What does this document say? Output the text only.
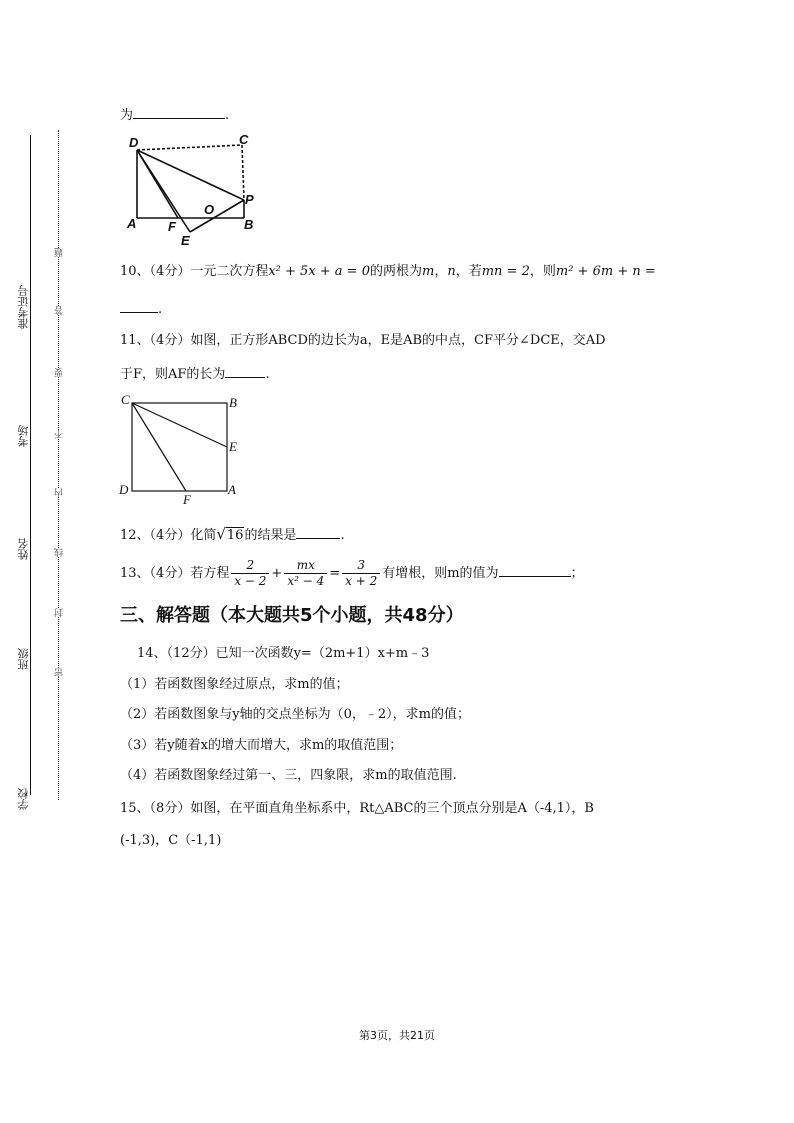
准考证号
考场
姓名
班级
学校
题
答
要
不
内
线
封
密
为	.
D	C
P
A F
O
B
E
10、（4分）一元二次方程x² + 5x + a = 0的两根为m，n，若mn = 2，则m² + 6m + n =
.
11、（4分）如图，正方形ABCD的边长为a，E是AB的中点，CF平分∠DCE，交AD
于F，则AF的长为	.
C	B
E
D
F
A
12、（4分）化简√16的结果是	.
13、（4分）若方程 $\frac{2}{x - 2} + \frac{mx}{\text{x² − 4}} = \frac{3}{x + 2}$ 有增根，则m的值为	；
三、解答题（本大题共5个小题，共48分）
14、（12分）已知一次函数y=（2m+1）x+m﹣3
（1）若函数图象经过原点，求m的值；
（2）若函数图象与y轴的交点坐标为（0，﹣2），求m的值；
（3）若y随着x的增大而增大，求m的取值范围；
（4）若函数图象经过第一、三，四象限，求m的取值范围.
15、（8分）如图，在平面直角坐标系中，Rt△ABC的三个顶点分别是A（-4,1），B
(-1,3)，C（-1,1)
第3页，共21页
